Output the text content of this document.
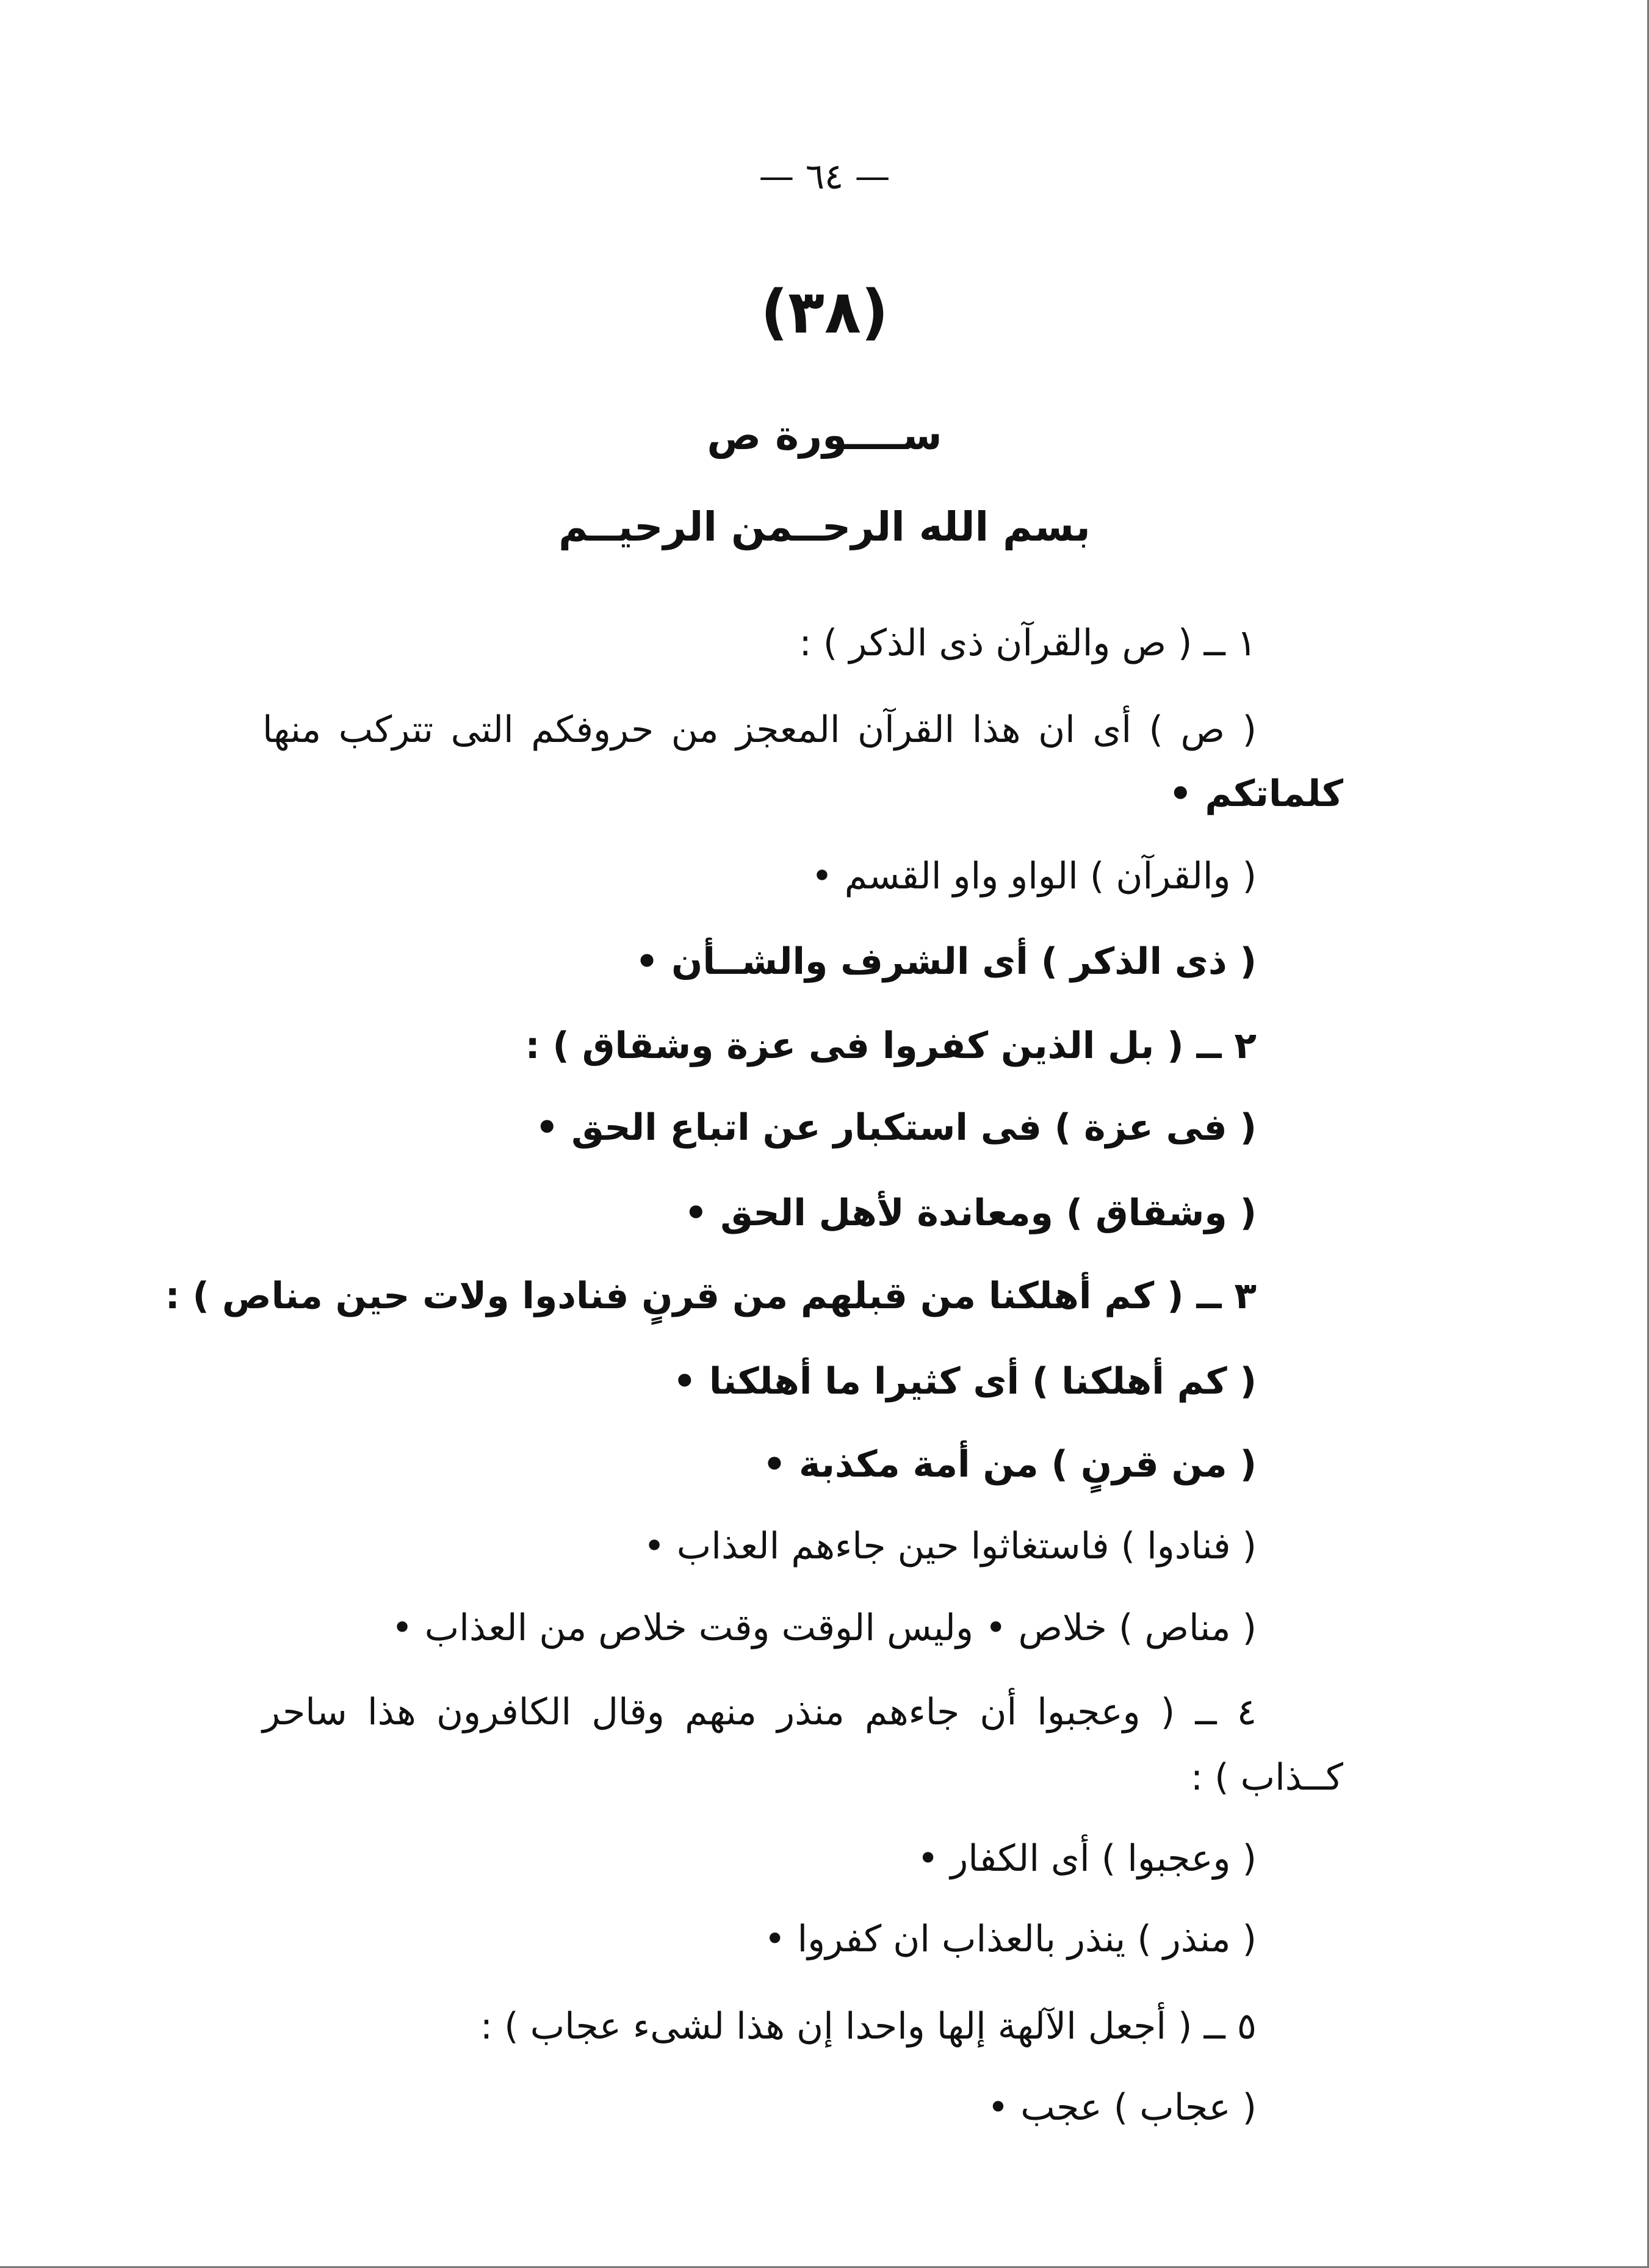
— ٦٤ —
(٣٨)
ســــورة ص
بسم الله الرحــمن الرحيــم
١ ــ ( ص والقرآن ذى الذكر ) :
( ص ) أى ان هذا القرآن المعجز من حروفكم التى تتركب منها
كلماتكم •
( والقرآن ) الواو واو القسم •
( ذى الذكر ) أى الشرف والشــأن •
٢ ــ ( بل الذين كفروا فى عزة وشقاق ) :
( فى عزة ) فى استكبار عن اتباع الحق •
( وشقاق ) ومعاندة لأهل الحق •
٣ ــ ( كم أهلكنا من قبلهم من قرنٍ فنادوا ولات حين مناص ) :
( كم أهلكنا ) أى كثيرا ما أهلكنا •
( من قرنٍ ) من أمة مكذبة •
( فنادوا ) فاستغاثوا حين جاءهم العذاب •
( مناص ) خلاص • وليس الوقت وقت خلاص من العذاب •
٤ ــ ( وعجبوا أن جاءهم منذر منهم وقال الكافرون هذا ساحر
كــذاب ) :
( وعجبوا ) أى الكفار •
( منذر ) ينذر بالعذاب ان كفروا •
٥ ــ ( أجعل الآلهة إلها واحدا إن هذا لشىء عجاب ) :
( عجاب ) عجب •
